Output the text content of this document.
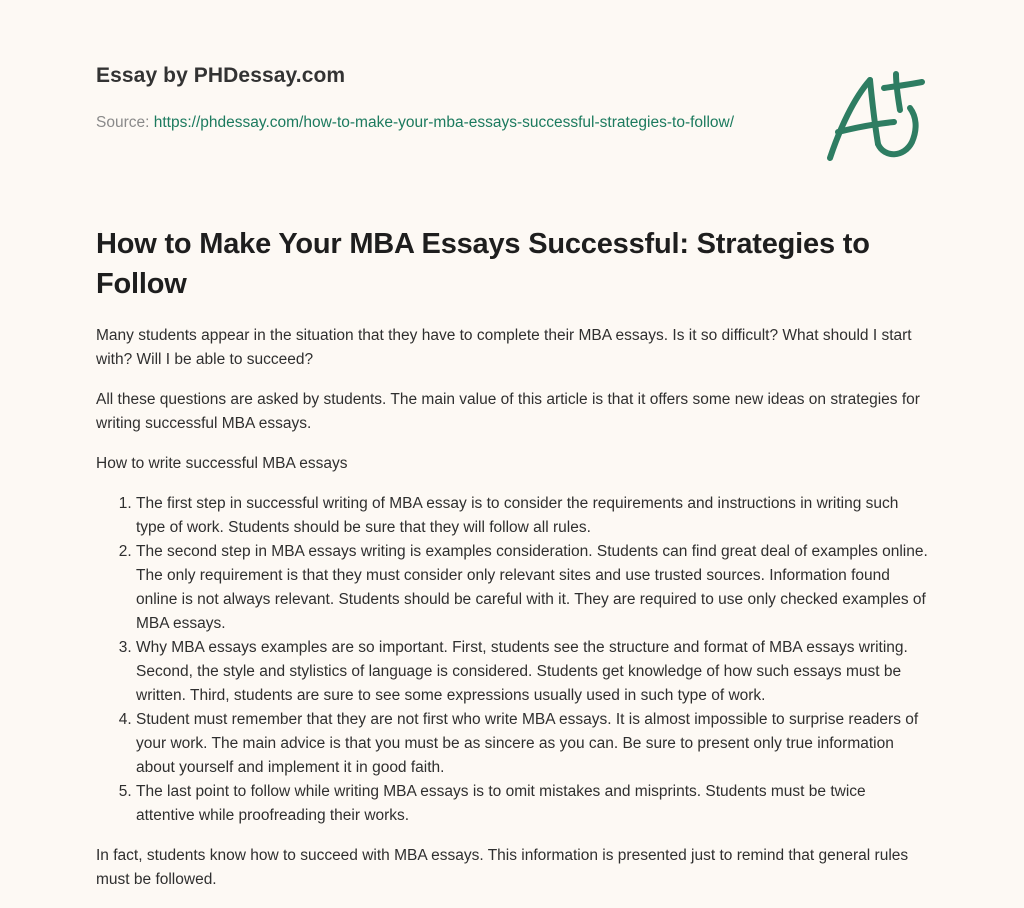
Essay by PHDessay.com
Source: https://phdessay.com/how-to-make-your-mba-essays-successful-strategies-to-follow/
How to Make Your MBA Essays Successful: Strategies to Follow

Many students appear in the situation that they have to complete their MBA essays. Is it so difficult? What should I start with? Will I be able to succeed?

All these questions are asked by students. The main value of this article is that it offers some new ideas on strategies for writing successful MBA essays.

How to write successful MBA essays

1. The first step in successful writing of MBA essay is to consider the requirements and instructions in writing such type of work. Students should be sure that they will follow all rules.
2. The second step in MBA essays writing is examples consideration. Students can find great deal of examples online. The only requirement is that they must consider only relevant sites and use trusted sources. Information found online is not always relevant. Students should be careful with it. They are required to use only checked examples of MBA essays.
3. Why MBA essays examples are so important. First, students see the structure and format of MBA essays writing. Second, the style and stylistics of language is considered. Students get knowledge of how such essays must be written. Third, students are sure to see some expressions usually used in such type of work.
4. Student must remember that they are not first who write MBA essays. It is almost impossible to surprise readers of your work. The main advice is that you must be as sincere as you can. Be sure to present only true information about yourself and implement it in good faith.
5. The last point to follow while writing MBA essays is to omit mistakes and misprints. Students must be twice attentive while proofreading their works.

In fact, students know how to succeed with MBA essays. This information is presented just to remind that general rules must be followed.
